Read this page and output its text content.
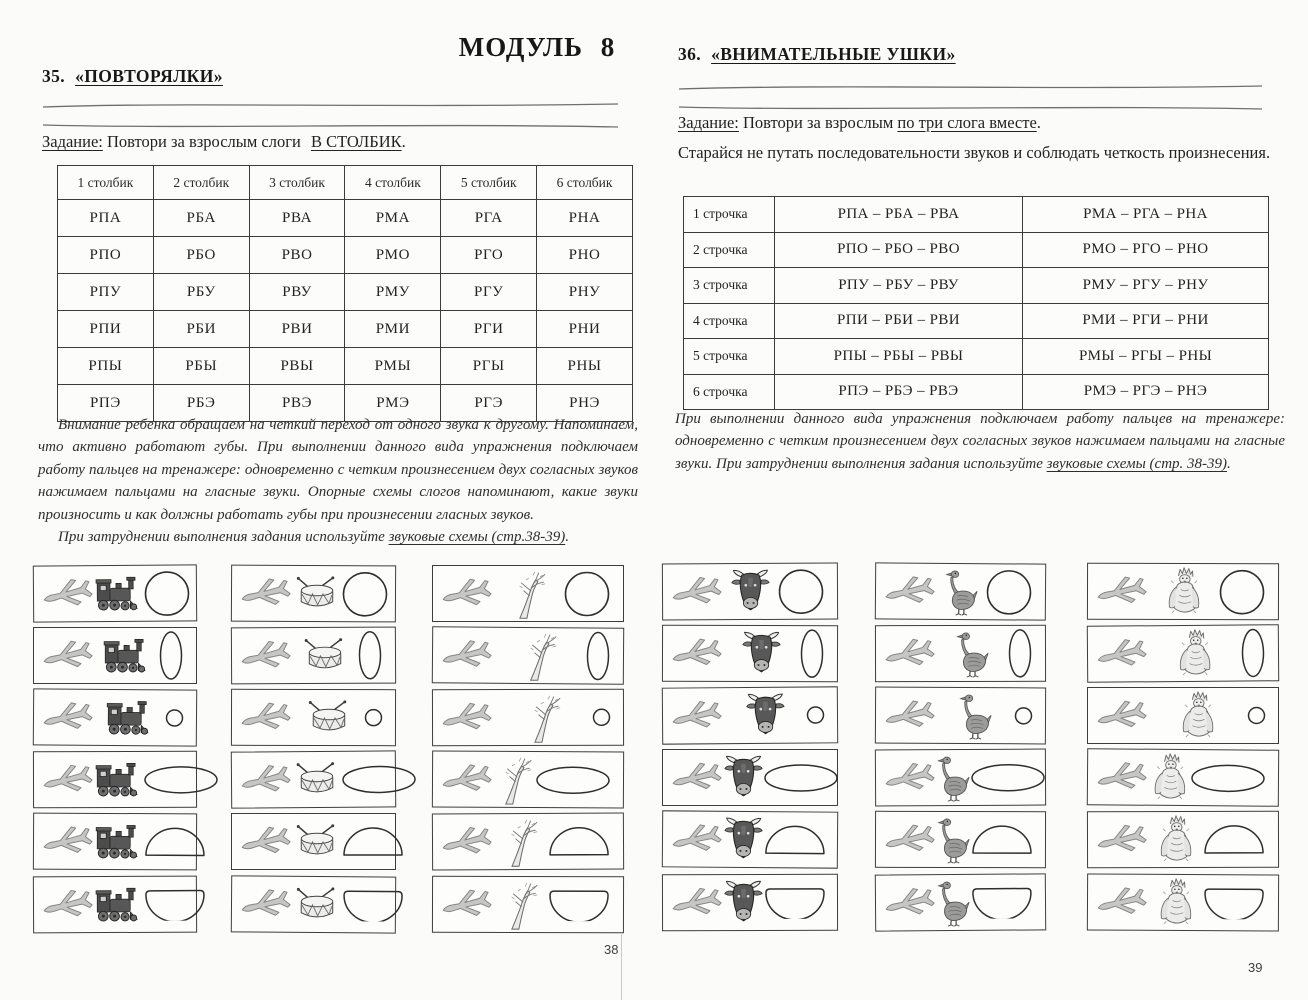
МОДУЛЬ 8
35. «ПОВТОРЯЛКИ»
Задание: Повтори за взрослым слоги В СТОЛБИК.
1 столбик	2 столбик	3 столбик	4 столбик	5 столбик	6 столбик
РПА	РБА	РВА	РМА	РГА	РНА
РПО	РБО	РВО	РМО	РГО	РНО
РПУ	РБУ	РВУ	РМУ	РГУ	РНУ
РПИ	РБИ	РВИ	РМИ	РГИ	РНИ
РПЫ	РБЫ	РВЫ	РМЫ	РГЫ	РНЫ
РПЭ	РБЭ	РВЭ	РМЭ	РГЭ	РНЭ
Внимание ребенка обращаем на четкий переход от одного звука к другому. Напоминаем, что активно работают губы. При выполнении данного вида упражнения подключаем работу пальцев на тренажере: одновременно с четким произнесением двух согласных звуков нажимаем пальцами на гласные звуки. Опорные схемы слогов напоминают, какие звуки произносить и как должны работать губы при произнесении гласных звуков.
При затруднении выполнения задания используйте звуковые схемы (стр.38-39).
38
36. «ВНИМАТЕЛЬНЫЕ УШКИ»
Задание: Повтори за взрослым по три слога вместе.
Старайся не путать последовательности звуков и соблюдать четкость произнесения.
1 строчка	РПА – РБА – РВА	РМА – РГА – РНА
2 строчка	РПО – РБО – РВО	РМО – РГО – РНО
3 строчка	РПУ – РБУ – РВУ	РМУ – РГУ – РНУ
4 строчка	РПИ – РБИ – РВИ	РМИ – РГИ – РНИ
5 строчка	РПЫ – РБЫ – РВЫ	РМЫ – РГЫ – РНЫ
6 строчка	РПЭ – РБЭ – РВЭ	РМЭ – РГЭ – РНЭ
При выполнении данного вида упражнения подключаем работу пальцев на тренажере: одновременно с четким произнесением двух согласных звуков нажимаем пальцами на гласные звуки. При затруднении выполнения задания используйте звуковые схемы (стр. 38-39).
39
